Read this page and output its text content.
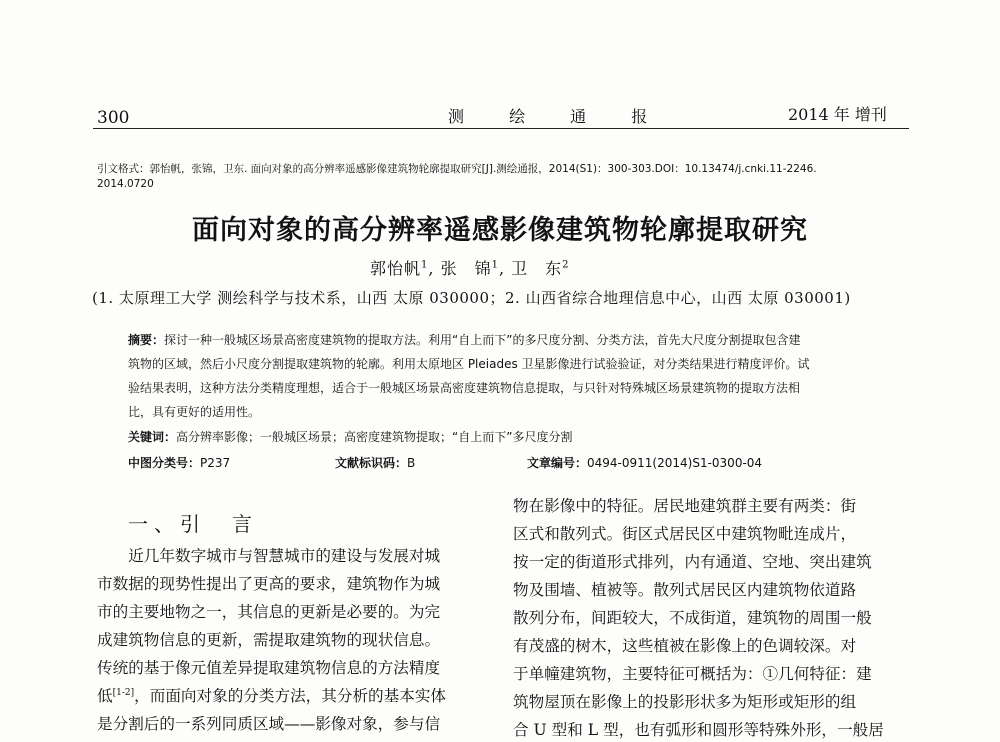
300	测 绘 通 报	2014 年 增刊
引文格式：郭怡帆，张锦，卫东. 面向对象的高分辨率遥感影像建筑物轮廓提取研究[J].测绘通报，2014(S1)：300-303.DOI：10.13474/j.cnki.11-2246.
2014.0720
面向对象的高分辨率遥感影像建筑物轮廓提取研究
郭怡帆$^1$, 张　锦$^1$, 卫　东$^2$
(1. 太原理工大学 测绘科学与技术系，山西 太原 030000；2. 山西省综合地理信息中心，山西 太原 030001)
摘要：探讨一种一般城区场景高密度建筑物的提取方法。利用“自上而下”的多尺度分割、分类方法，首先大尺度分割提取包含建
筑物的区域，然后小尺度分割提取建筑物的轮廓。利用太原地区 Pleiades 卫星影像进行试验验证，对分类结果进行精度评价。试
验结果表明，这种方法分类精度理想，适合于一般城区场景高密度建筑物信息提取，与只针对特殊城区场景建筑物的提取方法相
比，具有更好的适用性。
关键词：高分辨率影像；一般城区场景；高密度建筑物提取；“自上而下”多尺度分割
中图分类号：P237	文献标识码：B	文章编号：0494-0911(2014)S1-0300-04
一、引　言
　　近几年数字城市与智慧城市的建设与发展对城
市数据的现势性提出了更高的要求，建筑物作为城
市的主要地物之一，其信息的更新是必要的。为完
成建筑物信息的更新，需提取建筑物的现状信息。
传统的基于像元值差异提取建筑物信息的方法精度
低[1-2]，而面向对象的分类方法，其分析的基本实体
是分割后的一系列同质区域——影像对象，参与信
物在影像中的特征。居民地建筑群主要有两类：街
区式和散列式。街区式居民区中建筑物毗连成片，
按一定的街道形式排列，内有通道、空地、突出建筑
物及围墙、植被等。散列式居民区内建筑物依道路
散列分布，间距较大，不成街道，建筑物的周围一般
有茂盛的树木，这些植被在影像上的色调较深。对
于单幢建筑物，主要特征可概括为：①几何特征：建
筑物屋顶在影像上的投影形状多为矩形或矩形的组
合 U 型和 L 型，也有弧形和圆形等特殊外形，一般居
